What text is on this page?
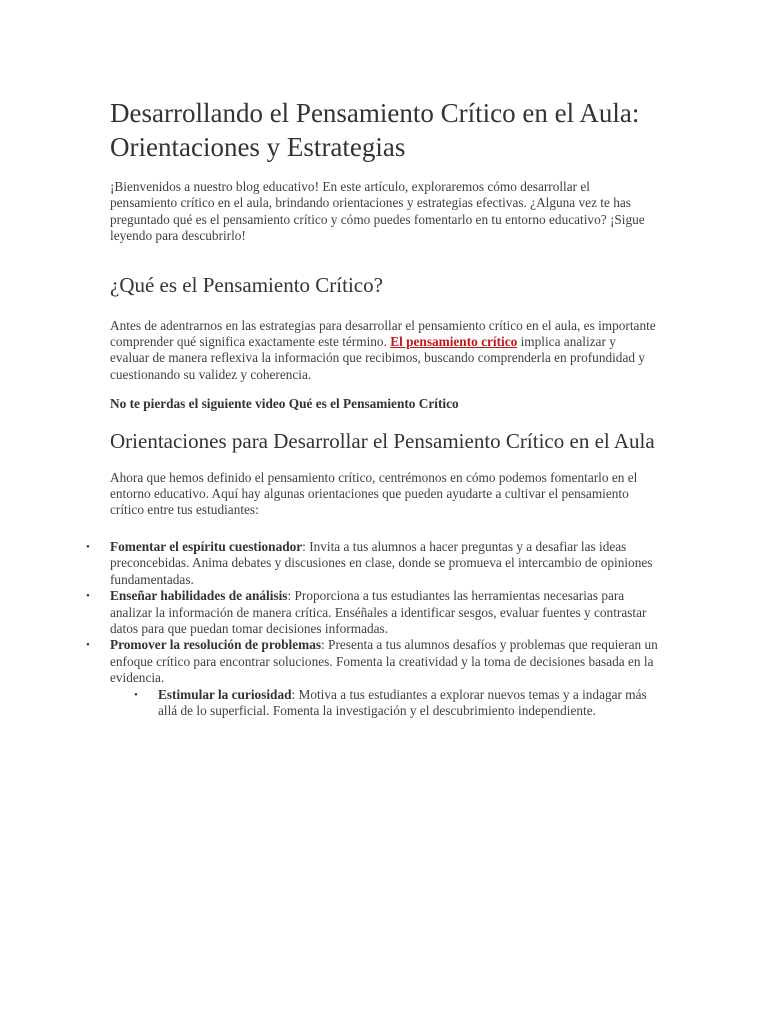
Desarrollando el Pensamiento Crítico en el Aula: Orientaciones y Estrategias

¡Bienvenidos a nuestro blog educativo! En este artículo, exploraremos cómo desarrollar el pensamiento crítico en el aula, brindando orientaciones y estrategias efectivas. ¿Alguna vez te has preguntado qué es el pensamiento crítico y cómo puedes fomentarlo en tu entorno educativo? ¡Sigue leyendo para descubrirlo!

¿Qué es el Pensamiento Crítico?

Antes de adentrarnos en las estrategias para desarrollar el pensamiento crítico en el aula, es importante comprender qué significa exactamente este término. El pensamiento crítico implica analizar y evaluar de manera reflexiva la información que recibimos, buscando comprenderla en profundidad y cuestionando su validez y coherencia.

No te pierdas el siguiente video Qué es el Pensamiento Crítico

Orientaciones para Desarrollar el Pensamiento Crítico en el Aula

Ahora que hemos definido el pensamiento crítico, centrémonos en cómo podemos fomentarlo en el entorno educativo. Aquí hay algunas orientaciones que pueden ayudarte a cultivar el pensamiento crítico entre tus estudiantes:

•	Fomentar el espíritu cuestionador: Invita a tus alumnos a hacer preguntas y a desafiar las ideas preconcebidas. Anima debates y discusiones en clase, donde se promueva el intercambio de opiniones fundamentadas.
•	Enseñar habilidades de análisis: Proporciona a tus estudiantes las herramientas necesarias para analizar la información de manera crítica. Enséñales a identificar sesgos, evaluar fuentes y contrastar datos para que puedan tomar decisiones informadas.
•	Promover la resolución de problemas: Presenta a tus alumnos desafíos y problemas que requieran un enfoque crítico para encontrar soluciones. Fomenta la creatividad y la toma de decisiones basada en la evidencia.
•	Estimular la curiosidad: Motiva a tus estudiantes a explorar nuevos temas y a indagar más allá de lo superficial. Fomenta la investigación y el descubrimiento independiente.
